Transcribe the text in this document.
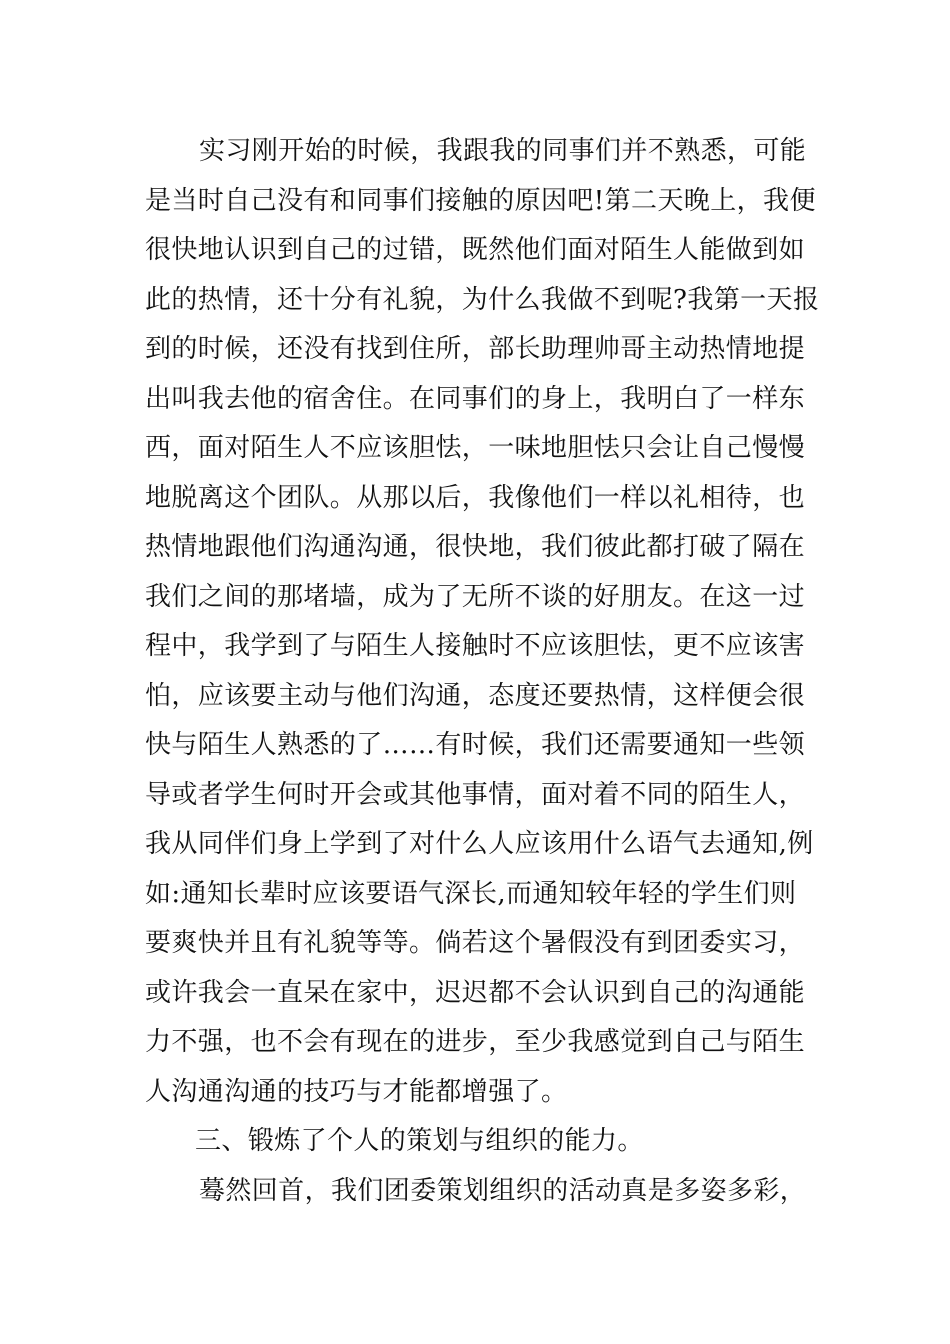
实习刚开始的时候，我跟我的同事们并不熟悉，可能
是当时自己没有和同事们接触的原因吧!第二天晚上，我便
很快地认识到自己的过错，既然他们面对陌生人能做到如
此的热情，还十分有礼貌，为什么我做不到呢?我第一天报
到的时候，还没有找到住所，部长助理帅哥主动热情地提
出叫我去他的宿舍住。在同事们的身上，我明白了一样东
西，面对陌生人不应该胆怯，一味地胆怯只会让自己慢慢
地脱离这个团队。从那以后，我像他们一样以礼相待，也
热情地跟他们沟通沟通，很快地，我们彼此都打破了隔在
我们之间的那堵墙，成为了无所不谈的好朋友。在这一过
程中，我学到了与陌生人接触时不应该胆怯，更不应该害
怕，应该要主动与他们沟通，态度还要热情，这样便会很
快与陌生人熟悉的了……有时候，我们还需要通知一些领
导或者学生何时开会或其他事情，面对着不同的陌生人，
我从同伴们身上学到了对什么人应该用什么语气去通知,例
如:通知长辈时应该要语气深长,而通知较年轻的学生们则
要爽快并且有礼貌等等。倘若这个暑假没有到团委实习，
或许我会一直呆在家中，迟迟都不会认识到自己的沟通能
力不强，也不会有现在的进步，至少我感觉到自己与陌生
人沟通沟通的技巧与才能都增强了。
三、锻炼了个人的策划与组织的能力。
蓦然回首，我们团委策划组织的活动真是多姿多彩，
